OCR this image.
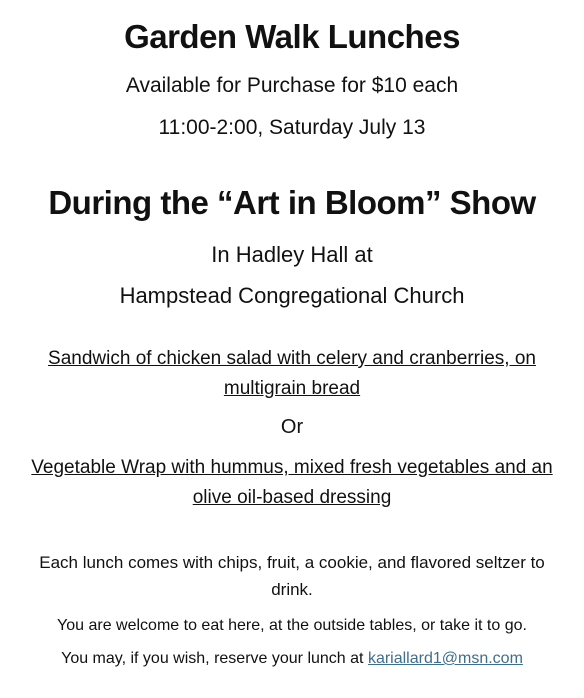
Garden Walk Lunches
Available for Purchase for $10 each
11:00-2:00, Saturday July 13
During the “Art in Bloom” Show
In Hadley Hall at
Hampstead Congregational Church
Sandwich of chicken salad with celery and cranberries, on multigrain bread
Or
Vegetable Wrap with hummus, mixed fresh vegetables and an olive oil-based dressing
Each lunch comes with chips, fruit, a cookie, and flavored seltzer to drink.
You are welcome to eat here, at the outside tables, or take it to go.
You may, if you wish, reserve your lunch at kariallard1@msn.com
